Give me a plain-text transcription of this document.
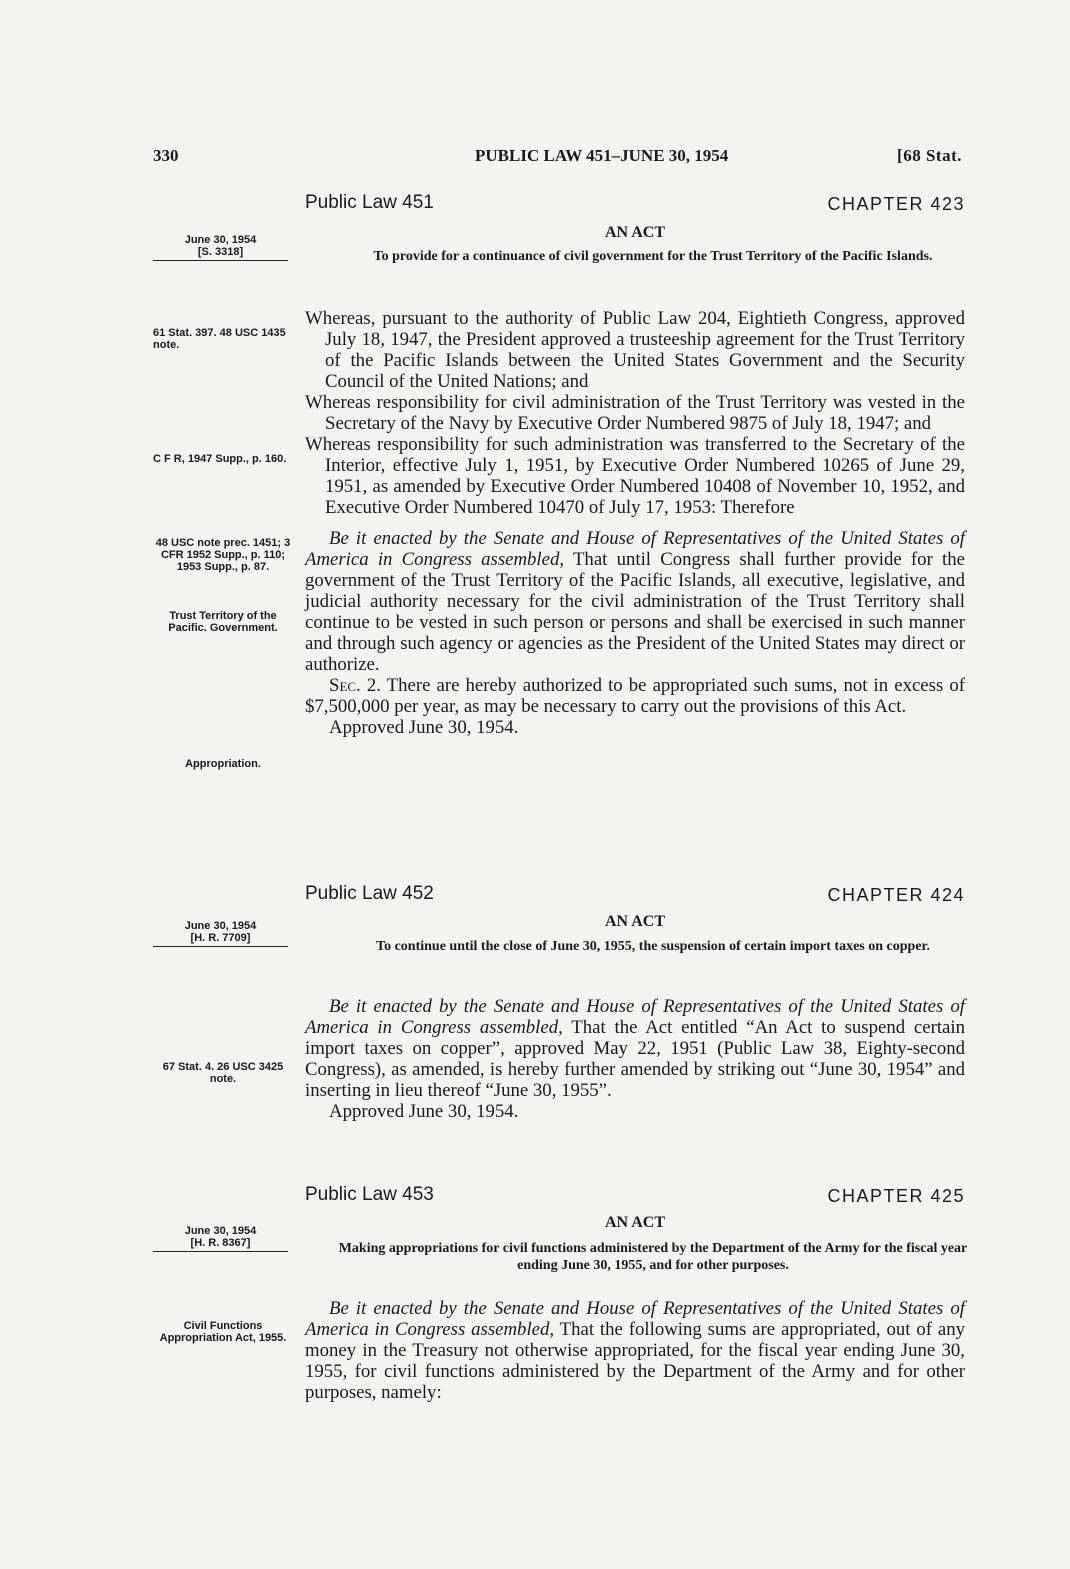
330	PUBLIC LAW 451–JUNE 30, 1954	[68 Stat.
Public Law 451	CHAPTER 423
AN ACT
To provide for a continuance of civil government for the Trust Territory of the Pacific Islands.
June 30, 1954
[S. 3318]

Whereas, pursuant to the authority of Public Law 204, Eightieth Congress, approved July 18, 1947, the President approved a trusteeship agreement for the Trust Territory of the Pacific Islands between the United States Government and the Security Council of the United Nations; and

Whereas responsibility for civil administration of the Trust Territory was vested in the Secretary of the Navy by Executive Order Numbered 9875 of July 18, 1947; and

Whereas responsibility for such administration was transferred to the Secretary of the Interior, effective July 1, 1951, by Executive Order Numbered 10265 of June 29, 1951, as amended by Executive Order Numbered 10408 of November 10, 1952, and Executive Order Numbered 10470 of July 17, 1953: Therefore

Be it enacted by the Senate and House of Representatives of the United States of America in Congress assembled, That until Congress shall further provide for the government of the Trust Territory of the Pacific Islands, all executive, legislative, and judicial authority necessary for the civil administration of the Trust Territory shall continue to be vested in such person or persons and shall be exercised in such manner and through such agency or agencies as the President of the United States may direct or authorize.

Sec. 2. There are hereby authorized to be appropriated such sums, not in excess of $7,500,000 per year, as may be necessary to carry out the provisions of this Act.

Approved June 30, 1954.

61 Stat. 397. 48 USC 1435 note.
C F R, 1947 Supp., p. 160.
48 USC note prec. 1451; 3 CFR 1952 Supp., p. 110; 1953 Supp., p. 87.
Trust Territory of the Pacific. Government.
Appropriation.
Public Law 452	CHAPTER 424
AN ACT
To continue until the close of June 30, 1955, the suspension of certain import taxes on copper.
June 30, 1954
[H. R. 7709]

Be it enacted by the Senate and House of Representatives of the United States of America in Congress assembled, That the Act entitled “An Act to suspend certain import taxes on copper”, approved May 22, 1951 (Public Law 38, Eighty-second Congress), as amended, is hereby further amended by striking out “June 30, 1954” and inserting in lieu thereof “June 30, 1955”.

Approved June 30, 1954.

67 Stat. 4. 26 USC 3425 note.
Public Law 453	CHAPTER 425
AN ACT
Making appropriations for civil functions administered by the Department of the Army for the fiscal year ending June 30, 1955, and for other purposes.
June 30, 1954
[H. R. 8367]

Be it enacted by the Senate and House of Representatives of the United States of America in Congress assembled, That the following sums are appropriated, out of any money in the Treasury not otherwise appropriated, for the fiscal year ending June 30, 1955, for civil functions administered by the Department of the Army and for other purposes, namely:

Civil Functions Appropriation Act, 1955.
